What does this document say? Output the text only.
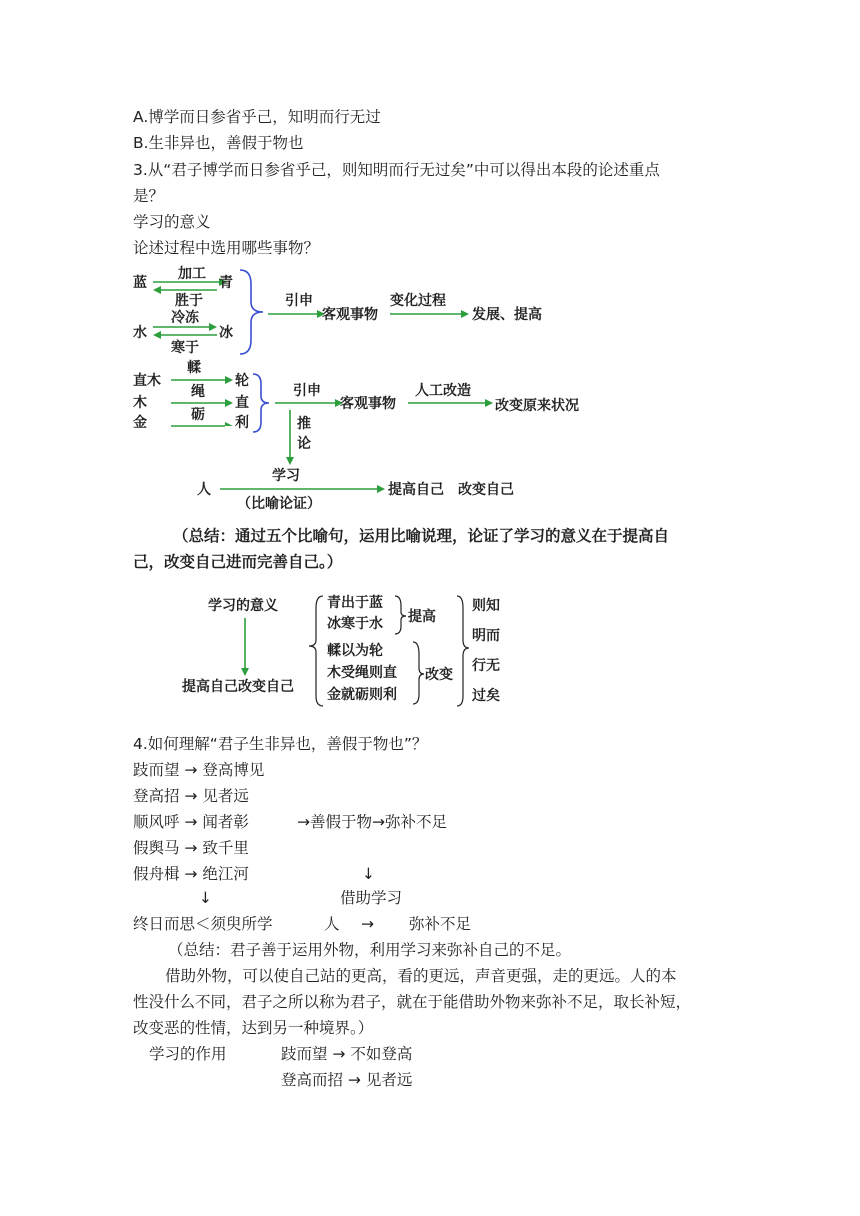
A.博学而日参省乎己，知明而行无过
B.生非异也，善假于物也
3.从“君子博学而日参省乎己，则知明而行无过矣”中可以得出本段的论述重点
是？
学习的意义
论述过程中选用哪些事物？
蓝
加工
青
胜于
水
冷冻
冰
寒于
引申
客观事物
变化过程
发展、提高
直木
木
金
輮
绳
砺
轮
直
利
引申
客观事物
人工改造
改变原来状况
推
论
人
学习
（比喻论证）
提高自己　改变自己
（总结：通过五个比喻句，运用比喻说理，论证了学习的意义在于提高自
己，改变自己进而完善自己。）
学习的意义
提高自己改变自己
青出于蓝
冰寒于水 提高
輮以为轮
木受绳则直
金就砺则利
改变
则知
明而
行无
过矣
4.如何理解“君子生非异也，善假于物也”？
跂而望 → 登高博见
登高招 → 见者远
顺风呼 → 闻者彰	→善假于物→弥补不足
假舆马 → 致千里
假舟楫 → 绝江河	↓
↓	借助学习
终日而思＜须臾所学	人 → 弥补不足
（总结：君子善于运用外物，利用学习来弥补自己的不足。
借助外物，可以使自己站的更高，看的更远，声音更强，走的更远。人的本
性没什么不同，君子之所以称为君子，就在于能借助外物来弥补不足，取长补短，
改变恶的性情，达到另一种境界。）
学习的作用	跂而望 → 不如登高
登高而招 → 见者远
